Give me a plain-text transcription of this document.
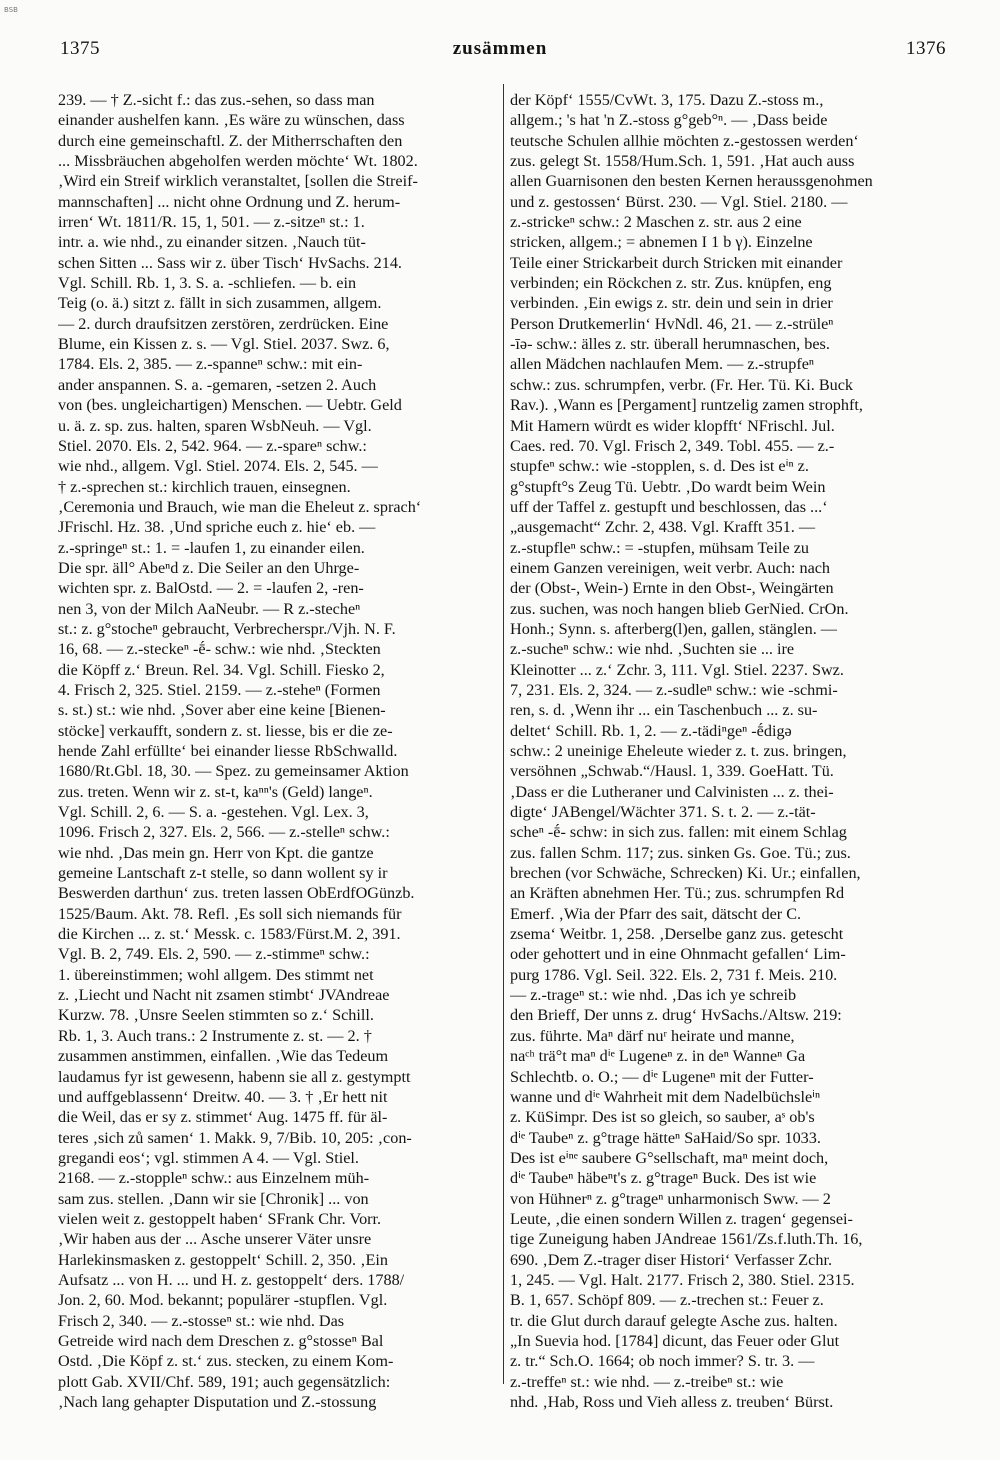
BSB
1375	zusämmen	1376
239. — † Z.-sicht f.: das zus.-sehen, so dass man
einander aushelfen kann. ‚Es wäre zu wünschen, dass
durch eine gemeinschaftl. Z. der Mitherrschaften den
... Missbräuchen abgeholfen werden möchte‘ Wt. 1802.
‚Wird ein Streif wirklich veranstaltet, [sollen die Streif-
mannschaften] ... nicht ohne Ordnung und Z. herum-
irren‘ Wt. 1811/R. 15, 1, 501. — z.-sitzeⁿ st.: 1.
intr. a. wie nhd., zu einander sitzen. ‚Nauch tüt-
schen Sitten ... Sass wir z. über Tisch‘ HvSachs. 214.
Vgl. Schill. Rb. 1, 3. S. a. -schliefen. — b. ein
Teig (o. ä.) sitzt z. fällt in sich zusammen, allgem.
— 2. durch draufsitzen zerstören, zerdrücken. Eine
Blume, ein Kissen z. s. — Vgl. Stiel. 2037. Swz. 6,
1784. Els. 2, 385. — z.-spanneⁿ schw.: mit ein-
ander anspannen. S. a. -gemaren, -setzen 2. Auch
von (bes. ungleichartigen) Menschen. — Uebtr. Geld
u. ä. z. sp. zus. halten, sparen WsbNeuh. — Vgl.
Stiel. 2070. Els. 2, 542. 964. — z.-spareⁿ schw.:
wie nhd., allgem. Vgl. Stiel. 2074. Els. 2, 545. —
† z.-sprechen st.: kirchlich trauen, einsegnen.
‚Ceremonia und Brauch, wie man die Eheleut z. sprach‘
JFrischl. Hz. 38. ‚Und spriche euch z. hie‘ eb. —
z.-springeⁿ st.: 1. = -laufen 1, zu einander eilen.
Die spr. äll° Abeⁿd z. Die Seiler an den Uhrge-
wichten spr. z. BalOstd. — 2. = -laufen 2, -ren-
nen 3, von der Milch AaNeubr. — R z.-stecheⁿ
st.: z. g°stocheⁿ gebraucht, Verbrecherspr./Vjh. N. F.
16, 68. — z.-steckeⁿ -ḗ- schw.: wie nhd. ‚Steckten
die Köpff z.‘ Breun. Rel. 34. Vgl. Schill. Fiesko 2,
4. Frisch 2, 325. Stiel. 2159. — z.-steheⁿ (Formen
s. st.) st.: wie nhd. ‚Sover aber eine keine [Bienen-
stöcke] verkaufft, sondern z. st. liesse, bis er die ze-
hende Zahl erfüllte‘ bei einander liesse RbSchwalld.
1680/Rt.Gbl. 18, 30. — Spez. zu gemeinsamer Aktion
zus. treten. Wenn wir z. st-t, kaⁿⁿ's (Geld) langeⁿ.
Vgl. Schill. 2, 6. — S. a. -gestehen. Vgl. Lex. 3,
1096. Frisch 2, 327. Els. 2, 566. — z.-stelleⁿ schw.:
wie nhd. ‚Das mein gn. Herr von Kpt. die gantze
gemeine Lantschaft z-t stelle, so dann wollent sy ir
Beswerden darthun‘ zus. treten lassen ObErdfOGünzb.
1525/Baum. Akt. 78. Refl. ‚Es soll sich niemands für
die Kirchen ... z. st.‘ Messk. c. 1583/Fürst.M. 2, 391.
Vgl. B. 2, 749. Els. 2, 590. — z.-stimmeⁿ schw.:
1. übereinstimmen; wohl allgem. Des stimmt net
z. ‚Liecht und Nacht nit zsamen stimbt‘ JVAndreae
Kurzw. 78. ‚Unsre Seelen stimmten so z.‘ Schill.
Rb. 1, 3. Auch trans.: 2 Instrumente z. st. — 2. †
zusammen anstimmen, einfallen. ‚Wie das Tedeum
laudamus fyr ist gewesenn, habenn sie all z. gestymptt
und auffgeblassenn‘ Dreitw. 40. — 3. † ‚Er hett nit
die Weil, das er sy z. stimmet‘ Aug. 1475 ff. für äl-
teres ‚sich zů samen‘ 1. Makk. 9, 7/Bib. 10, 205: ‚con-
gregandi eos‘; vgl. stimmen A 4. — Vgl. Stiel.
2168. — z.-stoppleⁿ schw.: aus Einzelnem müh-
sam zus. stellen. ‚Dann wir sie [Chronik] ... von
vielen weit z. gestoppelt haben‘ SFrank Chr. Vorr.
‚Wir haben aus der ... Asche unserer Väter unsre
Harlekinsmasken z. gestoppelt‘ Schill. 2, 350. ‚Ein
Aufsatz ... von H. ... und H. z. gestoppelt‘ ders. 1788/
Jon. 2, 60. Mod. bekannt; populärer -stupflen. Vgl.
Frisch 2, 340. — z.-stosseⁿ st.: wie nhd. Das
Getreide wird nach dem Dreschen z. g°stosseⁿ Bal
Ostd. ‚Die Köpf z. st.‘ zus. stecken, zu einem Kom-
plott Gab. XVII/Chf. 589, 191; auch gegensätzlich:
‚Nach lang gehapter Disputation und Z.-stossung
der Köpf‘ 1555/CvWt. 3, 175. Dazu Z.-stoss m.,
allgem.; 's hat 'n Z.-stoss g°geb°ⁿ. — ‚Dass beide
teutsche Schulen allhie möchten z.-gestossen werden‘
zus. gelegt St. 1558/Hum.Sch. 1, 591. ‚Hat auch auss
allen Guarnisonen den besten Kernen heraussgenohmen
und z. gestossen‘ Bürst. 230. — Vgl. Stiel. 2180. —
z.-strickeⁿ schw.: 2 Maschen z. str. aus 2 eine
stricken, allgem.; = abnemen I 1 b γ). Einzelne
Teile einer Strickarbeit durch Stricken mit einander
verbinden; ein Röckchen z. str. Zus. knüpfen, eng
verbinden. ‚Ein ewigs z. str. dein und sein in drier
Person Drutkemerlin‘ HvNdl. 46, 21. — z.-strüleⁿ
-īə- schw.: älles z. str. überall herumnaschen, bes.
allen Mädchen nachlaufen Mem. — z.-strupfeⁿ
schw.: zus. schrumpfen, verbr. (Fr. Her. Tü. Ki. Buck
Rav.). ‚Wann es [Pergament] runtzelig zamen strophft,
Mit Hamern würdt es wider klopfft‘ NFrischl. Jul.
Caes. red. 70. Vgl. Frisch 2, 349. Tobl. 455. — z.-
stupfeⁿ schw.: wie -stopplen, s. d. Des ist eⁱⁿ z.
g°stupft°s Zeug Tü. Uebtr. ‚Do wardt beim Wein
uff der Taffel z. gestupft und beschlossen, das ...‘
„ausgemacht“ Zchr. 2, 438. Vgl. Krafft 351. —
z.-stupfleⁿ schw.: = -stupfen, mühsam Teile zu
einem Ganzen vereinigen, weit verbr. Auch: nach
der (Obst-, Wein-) Ernte in den Obst-, Weingärten
zus. suchen, was noch hangen blieb GerNied. CrOn.
Honh.; Synn. s. afterberg(l)en, gallen, stänglen. —
z.-sucheⁿ schw.: wie nhd. ‚Suchten sie ... ire
Kleinotter ... z.‘ Zchr. 3, 111. Vgl. Stiel. 2237. Swz.
7, 231. Els. 2, 324. — z.-sudleⁿ schw.: wie -schmi-
ren, s. d. ‚Wenn ihr ... ein Taschenbuch ... z. su-
deltet‘ Schill. Rb. 1, 2. — z.-tädiⁿgeⁿ -ḗdigə
schw.: 2 uneinige Eheleute wieder z. t. zus. bringen,
versöhnen „Schwab.“/Hausl. 1, 339. GoeHatt. Tü.
‚Dass er die Lutheraner und Calvinisten ... z. thei-
digte‘ JABengel/Wächter 371. S. t. 2. — z.-tät-
scheⁿ -ḗ- schw: in sich zus. fallen: mit einem Schlag
zus. fallen Schm. 117; zus. sinken Gs. Goe. Tü.; zus.
brechen (vor Schwäche, Schrecken) Ki. Ur.; einfallen,
an Kräften abnehmen Her. Tü.; zus. schrumpfen Rd
Emerf. ‚Wia der Pfarr des sait, dätscht der C.
zsema‘ Weitbr. 1, 258. ‚Derselbe ganz zus. getescht
oder gehottert und in eine Ohnmacht gefallen‘ Lim-
purg 1786. Vgl. Seil. 322. Els. 2, 731 f. Meis. 210.
— z.-trageⁿ st.: wie nhd. ‚Das ich ye schreib
den Brieff, Der unns z. drug‘ HvSachs./Altsw. 219:
zus. führte. Maⁿ därf nuʳ heirate und manne,
naᶜʰ trä°t maⁿ dⁱᵉ Lugeneⁿ z. in deⁿ Wanneⁿ Ga
Schlechtb. o. O.; — dⁱᵉ Lugeneⁿ mit der Futter-
wanne und dⁱᵉ Wahrheit mit dem Nadelbüchsleⁱⁿ
z. KüSimpr. Des ist so gleich, so sauber, aˢ ob's
dⁱᵉ Taubeⁿ z. g°trage hätteⁿ SaHaid/So spr. 1033.
Des ist eⁱⁿᵉ saubere G°sellschaft, maⁿ meint doch,
dⁱᵉ Taubeⁿ häbeⁿt's z. g°trageⁿ Buck. Des ist wie
von Hühnerⁿ z. g°trageⁿ unharmonisch Sww. — 2
Leute, ‚die einen sondern Willen z. tragen‘ gegensei-
tige Zuneigung haben JAndreae 1561/Zs.f.luth.Th. 16,
690. ‚Dem Z.-trager diser Histori‘ Verfasser Zchr.
1, 245. — Vgl. Halt. 2177. Frisch 2, 380. Stiel. 2315.
B. 1, 657. Schöpf 809. — z.-trechen st.: Feuer z.
tr. die Glut durch darauf gelegte Asche zus. halten.
„In Suevia hod. [1784] dicunt, das Feuer oder Glut
z. tr.“ Sch.O. 1664; ob noch immer? S. tr. 3. —
z.-treffeⁿ st.: wie nhd. — z.-treibeⁿ st.: wie
nhd. ‚Hab, Ross und Vieh alless z. treuben‘ Bürst.
